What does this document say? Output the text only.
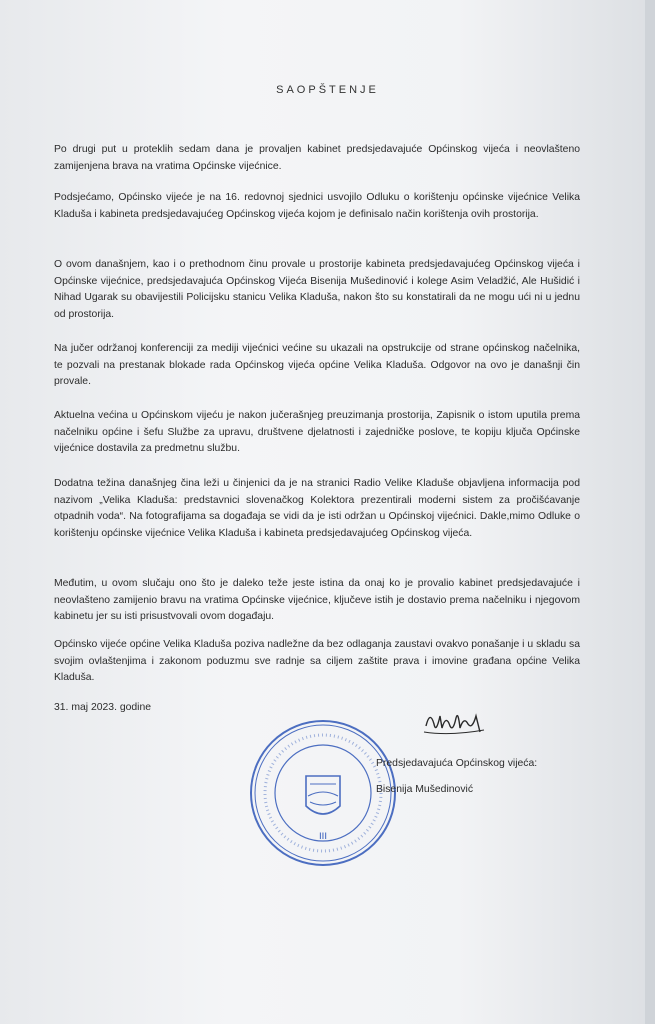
SAOPŠTENJE

Po drugi put u proteklih sedam dana je provaljen kabinet predsjedavajuće Općinskog vijeća i neovlašteno zamijenjena brava na vratima Općinske vijećnice.

Podsjećamo, Općinsko vijeće je na 16. redovnoj sjednici usvojilo Odluku o korištenju općinske vijećnice Velika Kladuša i kabineta predsjedavajućeg Općinskog vijeća kojom je definisalo način korištenja ovih prostorija.

O ovom današnjem, kao i o prethodnom činu provale u prostorije kabineta predsjedavajućeg Općinskog vijeća i Općinske vijećnice, predsjedavajuća Općinskog Vijeća Bisenija Mušedinović i kolege Asim Veladžić, Ale Hušidić i Nihad Ugarak su obavijestili Policijsku stanicu Velika Kladuša, nakon što su konstatirali da ne mogu ući ni u jednu od prostorija.

Na jučer održanoj konferenciji za mediji vijećnici većine su ukazali na opstrukcije od strane općinskog načelnika, te pozvali na prestanak blokade rada Općinskog vijeća općine Velika Kladuša. Odgovor na ovo je današnji čin provale.

Aktuelna većina u Općinskom vijeću je nakon jučerašnjeg preuzimanja prostorija, Zapisnik o istom uputila prema načelniku općine i šefu Službe za upravu, društvene djelatnosti i zajedničke poslove, te kopiju ključa Općinske vijećnice dostavila za predmetnu službu.

Dodatna težina današnjeg čina leži u činjenici da je na stranici Radio Velike Kladuše objavljena informacija pod nazivom „Velika Kladuša: predstavnici slovenačkog Kolektora prezentirali moderni sistem za pročišćavanje otpadnih voda“. Na fotografijama sa događaja se vidi da je isti održan u Općinskoj vijećnici. Dakle,mimo Odluke o korištenju općinske vijećnice Velika Kladuša i kabineta predsjedavajućeg Općinskog vijeća.

Međutim, u ovom slučaju ono što je daleko teže jeste istina da onaj ko je provalio kabinet predsjedavajuće i neovlašteno zamijenio bravu na vratima Općinske vijećnice, ključeve istih je dostavio prema načelniku i njegovom kabinetu jer su isti prisustvovali ovom događaju.

Općinsko vijeće općine Velika Kladuša poziva nadležne da bez odlaganja zaustavi ovakvo ponašanje i u skladu sa svojim ovlaštenjima i zakonom poduzmu sve radnje sa ciljem zaštite prava i imovine građana općine Velika Kladuša.

31. maj 2023. godine
III
Predsjedavajuća Općinskog vijeća:
Bisenija Mušedinović
